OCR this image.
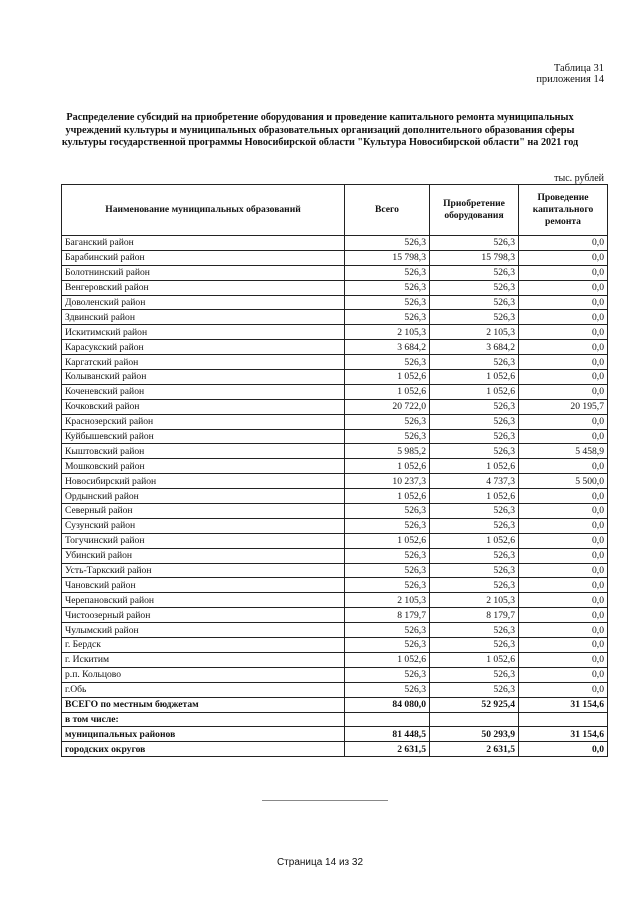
Таблица 31
приложения 14
Распределение субсидий на приобретение оборудования и проведение капитального ремонта муниципальных учреждений культуры и муниципальных образовательных организаций дополнительного образования сферы культуры государственной программы Новосибирской области "Культура Новосибирской области" на 2021 год
тыс. рублей
Наименование муниципальных образований	Всего	Приобретение оборудования	Проведение капитального ремонта
Баганский район	526,3	526,3	0,0
Барабинский район	15 798,3	15 798,3	0,0
Болотнинский район	526,3	526,3	0,0
Венгеровский район	526,3	526,3	0,0
Доволенский район	526,3	526,3	0,0
Здвинский район	526,3	526,3	0,0
Искитимский район	2 105,3	2 105,3	0,0
Карасукский район	3 684,2	3 684,2	0,0
Каргатский район	526,3	526,3	0,0
Колыванский район	1 052,6	1 052,6	0,0
Коченевский район	1 052,6	1 052,6	0,0
Кочковский район	20 722,0	526,3	20 195,7
Краснозерский район	526,3	526,3	0,0
Куйбышевский район	526,3	526,3	0,0
Кыштовский район	5 985,2	526,3	5 458,9
Мошковский район	1 052,6	1 052,6	0,0
Новосибирский район	10 237,3	4 737,3	5 500,0
Ордынский район	1 052,6	1 052,6	0,0
Северный район	526,3	526,3	0,0
Сузунский район	526,3	526,3	0,0
Тогучинский район	1 052,6	1 052,6	0,0
Убинский район	526,3	526,3	0,0
Усть-Таркский район	526,3	526,3	0,0
Чановский район	526,3	526,3	0,0
Черепановский район	2 105,3	2 105,3	0,0
Чистоозерный район	8 179,7	8 179,7	0,0
Чулымский район	526,3	526,3	0,0
г. Бердск	526,3	526,3	0,0
г. Искитим	1 052,6	1 052,6	0,0
р.п. Кольцово	526,3	526,3	0,0
г.Обь	526,3	526,3	0,0
ВСЕГО по местным бюджетам	84 080,0	52 925,4	31 154,6
в том числе:			
муниципальных районов	81 448,5	50 293,9	31 154,6
городских округов	2 631,5	2 631,5	0,0
Страница 14 из 32
